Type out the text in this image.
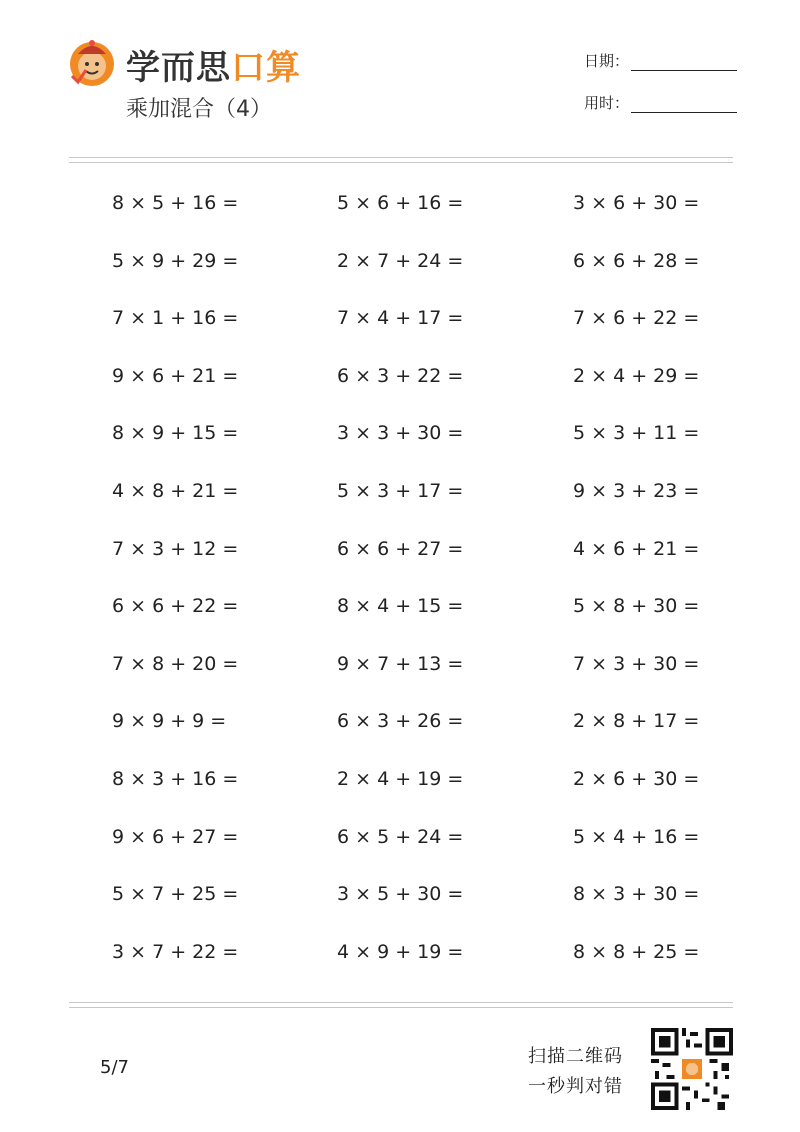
学而思口算
乘加混合（4）
日期：
用时：
8 × 5 + 16 =	5 × 6 + 16 =	3 × 6 + 30 =
5 × 9 + 29 =	2 × 7 + 24 =	6 × 6 + 28 =
7 × 1 + 16 =	7 × 4 + 17 =	7 × 6 + 22 =
9 × 6 + 21 =	6 × 3 + 22 =	2 × 4 + 29 =
8 × 9 + 15 =	3 × 3 + 30 =	5 × 3 + 11 =
4 × 8 + 21 =	5 × 3 + 17 =	9 × 3 + 23 =
7 × 3 + 12 =	6 × 6 + 27 =	4 × 6 + 21 =
6 × 6 + 22 =	8 × 4 + 15 =	5 × 8 + 30 =
7 × 8 + 20 =	9 × 7 + 13 =	7 × 3 + 30 =
9 × 9 + 9 =	6 × 3 + 26 =	2 × 8 + 17 =
8 × 3 + 16 =	2 × 4 + 19 =	2 × 6 + 30 =
9 × 6 + 27 =	6 × 5 + 24 =	5 × 4 + 16 =
5 × 7 + 25 =	3 × 5 + 30 =	8 × 3 + 30 =
3 × 7 + 22 =	4 × 9 + 19 =	8 × 8 + 25 =
5/7
扫描二维码
一秒判对错
